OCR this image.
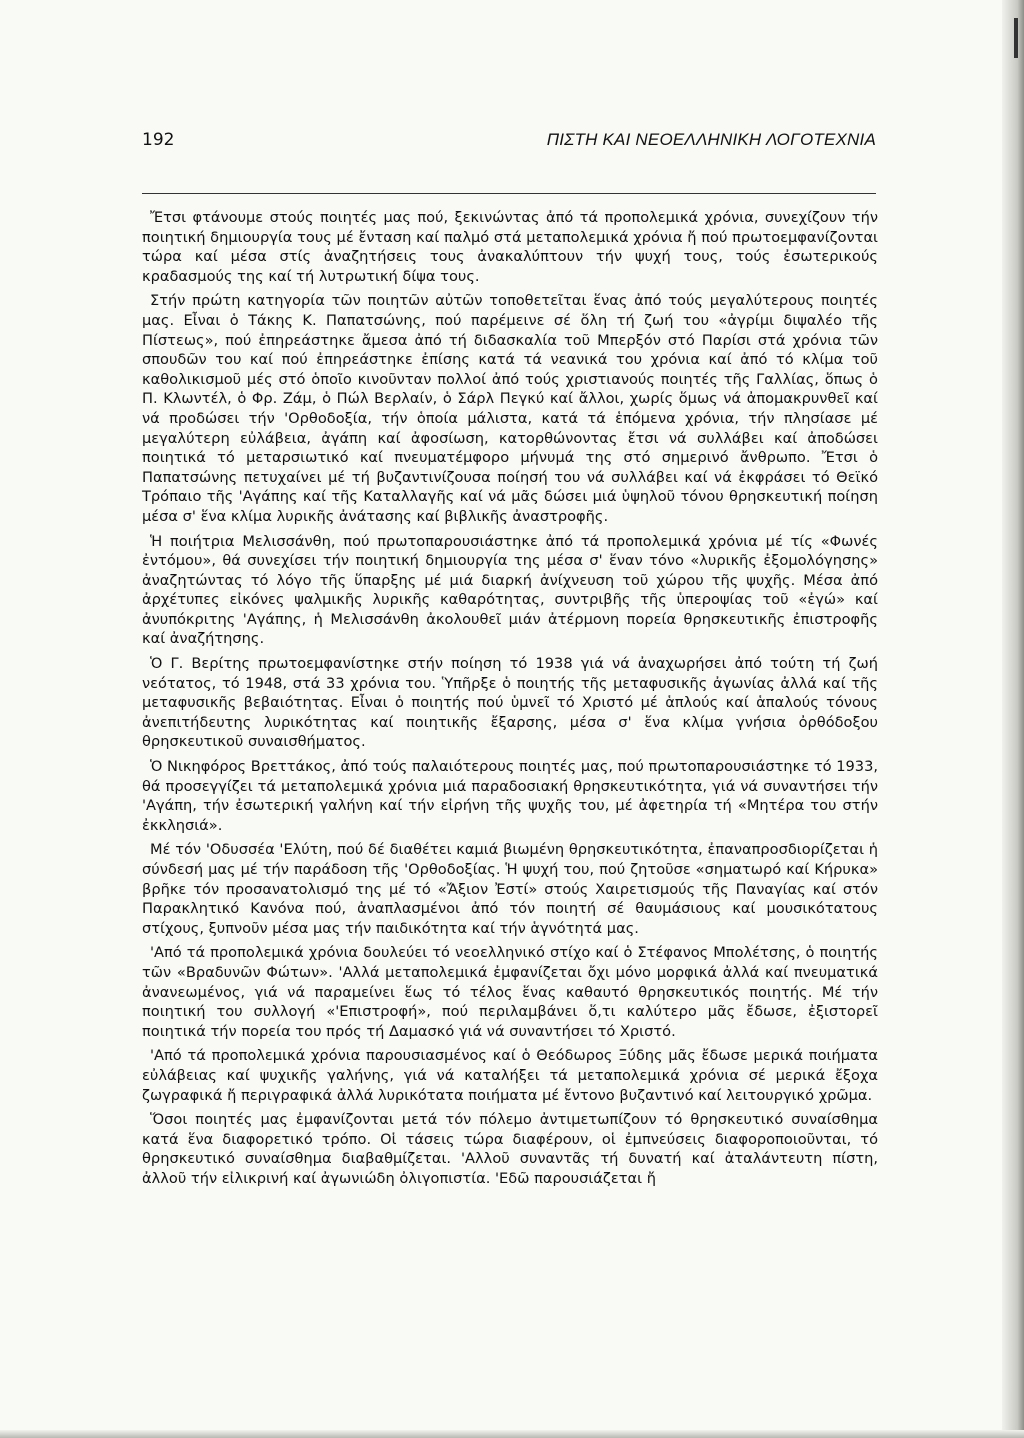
192	ΠΙΣΤΗ ΚΑΙ ΝΕΟΕΛΛΗΝΙΚΗ ΛΟΓΟΤΕΧΝΙΑ

Ἔτσι φτάνουμε στούς ποιητές μας πού, ξεκινώντας ἀπό τά προπολεμικά χρόνια, συνεχίζουν τήν ποιητική δημιουργία τους μέ ἔνταση καί παλμό στά μεταπολεμικά χρόνια ἤ πού πρωτοεμφανίζονται τώρα καί μέσα στίς ἀναζητήσεις τους ἀνακαλύπτουν τήν ψυχή τους, τούς ἐσωτερικούς κραδασμούς της καί τή λυτρωτική δίψα τους.

Στήν πρώτη κατηγορία τῶν ποιητῶν αὐτῶν τοποθετεῖται ἕνας ἀπό τούς μεγαλύτερους ποιητές μας. Εἶναι ὁ Τάκης Κ. Παπατσώνης, πού παρέμεινε σέ ὅλη τή ζωή του «ἀγρίμι διψαλέο τῆς Πίστεως», πού ἐπηρεάστηκε ἄμεσα ἀπό τή διδασκαλία τοῦ Μπερξόν στό Παρίσι στά χρόνια τῶν σπουδῶν του καί πού ἐπηρεάστηκε ἐπίσης κατά τά νεανικά του χρόνια καί ἀπό τό κλίμα τοῦ καθολικισμοῦ μές στό ὁποῖο κινοῦνταν πολλοί ἀπό τούς χριστιανούς ποιητές τῆς Γαλλίας, ὅπως ὁ Π. Κλωντέλ, ὁ Φρ. Ζάμ, ὁ Πώλ Βερλαίν, ὁ Σάρλ Πεγκύ καί ἄλλοι, χωρίς ὅμως νά ἀπομακρυνθεῖ καί νά προδώσει τήν 'Ορθοδοξία, τήν ὁποία μάλιστα, κατά τά ἑπόμενα χρόνια, τήν πλησίασε μέ μεγαλύτερη εὐλάβεια, ἀγάπη καί ἀφοσίωση, κατορθώνοντας ἔτσι νά συλλάβει καί ἀποδώσει ποιητικά τό μεταρσιωτικό καί πνευματέμφορο μήνυμά της στό σημερινό ἄνθρωπο. Ἔτσι ὁ Παπατσώνης πετυχαίνει μέ τή βυζαντινίζουσα ποίησή του νά συλλάβει καί νά ἐκφράσει τό Θεϊκό Τρόπαιο τῆς 'Αγάπης καί τῆς Καταλλαγῆς καί νά μᾶς δώσει μιά ὑψηλοῦ τόνου θρησκευτική ποίηση μέσα σ' ἕνα κλίμα λυρικῆς ἀνάτασης καί βιβλικῆς ἀναστροφῆς.

Ἡ ποιήτρια Μελισσάνθη, πού πρωτοπαρουσιάστηκε ἀπό τά προπολεμικά χρόνια μέ τίς «Φωνές ἐντόμου», θά συνεχίσει τήν ποιητική δημιουργία της μέσα σ' ἕναν τόνο «λυρικῆς ἐξομολόγησης» ἀναζητώντας τό λόγο τῆς ὕπαρξης μέ μιά διαρκή ἀνίχνευση τοῦ χώρου τῆς ψυχῆς. Μέσα ἀπό ἀρχέτυπες εἰκόνες ψαλμικῆς λυρικῆς καθαρότητας, συντριβῆς τῆς ὑπεροψίας τοῦ «ἐγώ» καί ἀνυπόκριτης 'Αγάπης, ἡ Μελισσάνθη ἀκολουθεῖ μιάν ἀτέρμονη πορεία θρησκευτικῆς ἐπιστροφῆς καί ἀναζήτησης.

Ὁ Γ. Βερίτης πρωτοεμφανίστηκε στήν ποίηση τό 1938 γιά νά ἀναχωρήσει ἀπό τούτη τή ζωή νεότατος, τό 1948, στά 33 χρόνια του. Ὑπῆρξε ὁ ποιητής τῆς μεταφυσικῆς ἀγωνίας ἀλλά καί τῆς μεταφυσικῆς βεβαιότητας. Εἶναι ὁ ποιητής πού ὑμνεῖ τό Χριστό μέ ἁπλούς καί ἁπαλούς τόνους ἀνεπιτήδευτης λυρικότητας καί ποιητικῆς ἔξαρσης, μέσα σ' ἕνα κλίμα γνήσια ὀρθόδοξου θρησκευτικοῦ συναισθήματος.

Ὁ Νικηφόρος Βρεττάκος, ἀπό τούς παλαιότερους ποιητές μας, πού πρωτοπαρουσιάστηκε τό 1933, θά προσεγγίζει τά μεταπολεμικά χρόνια μιά παραδοσιακή θρησκευτικότητα, γιά νά συναντήσει τήν 'Αγάπη, τήν ἐσωτερική γαλήνη καί τήν εἰρήνη τῆς ψυχῆς του, μέ ἀφετηρία τή «Μητέρα του στήν ἐκκλησιά».

Μέ τόν 'Οδυσσέα 'Ελύτη, πού δέ διαθέτει καμιά βιωμένη θρησκευτικότητα, ἐπαναπροσδιορίζεται ἡ σύνδεσή μας μέ τήν παράδοση τῆς 'Ορθοδοξίας. Ἡ ψυχή του, πού ζητοῦσε «σηματωρό καί Κήρυκα» βρῆκε τόν προσανατολισμό της μέ τό «Ἄξιον Ἐστί» στούς Χαιρετισμούς τῆς Παναγίας καί στόν Παρακλητικό Κανόνα πού, ἀναπλασμένοι ἀπό τόν ποιητή σέ θαυμάσιους καί μουσικότατους στίχους, ξυπνοῦν μέσα μας τήν παιδικότητα καί τήν ἁγνότητά μας.

'Από τά προπολεμικά χρόνια δουλεύει τό νεοελληνικό στίχο καί ὁ Στέφανος Μπολέτσης, ὁ ποιητής τῶν «Βραδυνῶν Φώτων». 'Αλλά μεταπολεμικά ἐμφανίζεται ὄχι μόνο μορφικά ἀλλά καί πνευματικά ἀνανεωμένος, γιά νά παραμείνει ἕως τό τέλος ἕνας καθαυτό θρησκευτικός ποιητής. Μέ τήν ποιητική του συλλογή «'Επιστροφή», πού περιλαμβάνει ὅ,τι καλύτερο μᾶς ἔδωσε, ἐξιστορεῖ ποιητικά τήν πορεία του πρός τή Δαμασκό γιά νά συναντήσει τό Χριστό.

'Από τά προπολεμικά χρόνια παρουσιασμένος καί ὁ Θεόδωρος Ξύδης μᾶς ἔδωσε μερικά ποιήματα εὐλάβειας καί ψυχικῆς γαλήνης, γιά νά καταλήξει τά μεταπολεμικά χρόνια σέ μερικά ἔξοχα ζωγραφικά ἤ περιγραφικά ἀλλά λυρικότατα ποιήματα μέ ἔντονο βυζαντινό καί λειτουργικό χρῶμα.

Ὅσοι ποιητές μας ἐμφανίζονται μετά τόν πόλεμο ἀντιμετωπίζουν τό θρησκευτικό συναίσθημα κατά ἕνα διαφορετικό τρόπο. Οἱ τάσεις τώρα διαφέρουν, οἱ ἐμπνεύσεις διαφοροποιοῦνται, τό θρησκευτικό συναίσθημα διαβαθμίζεται. 'Αλλοῦ συναντᾶς τή δυνατή καί ἀταλάντευτη πίστη, ἀλλοῦ τήν εἰλικρινή καί ἀγωνιώδη ὀλιγοπιστία. 'Εδῶ παρουσιάζεται ἤ
